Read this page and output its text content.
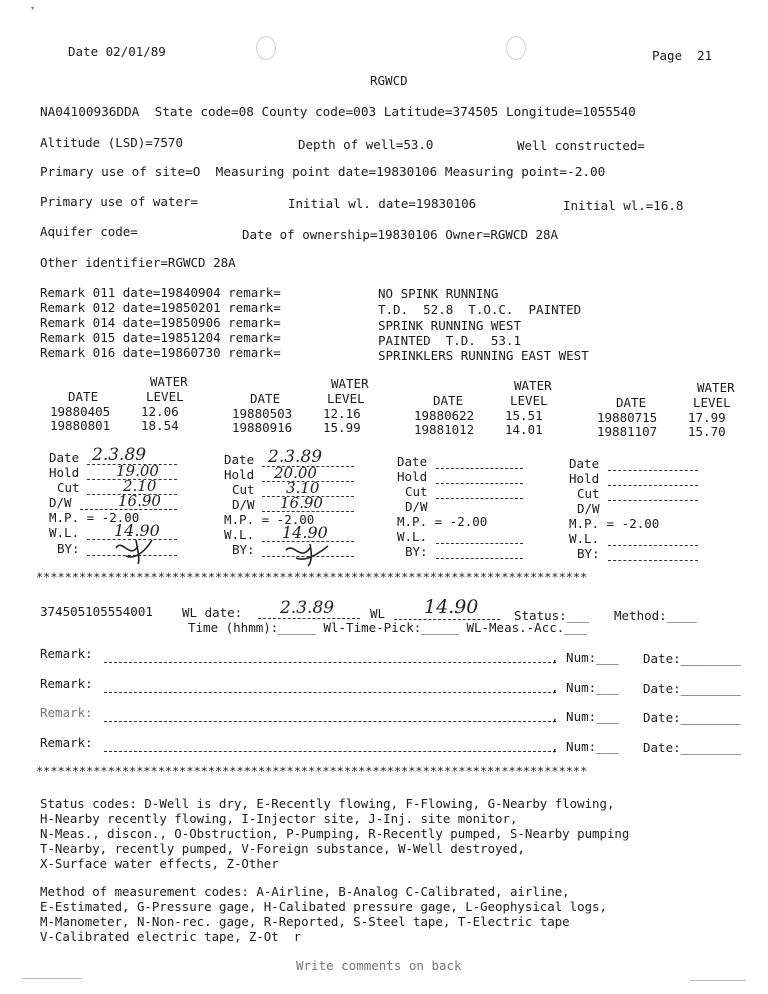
▾
Date 02/01/89	Page  21
RGWCD
NA04100936DDA  State code=08 County code=003 Latitude=374505 Longitude=1055540
Altitude (LSD)=7570	Depth of well=53.0	Well constructed=
Primary use of site=O  Measuring point date=19830106 Measuring point=-2.00
Primary use of water=	Initial wl. date=19830106	Initial wl.=16.8
Aquifer code=	Date of ownership=19830106 Owner=RGWCD 28A
Other identifier=RGWCD 28A
Remark 011 date=19840904 remark=	NO SPINK RUNNING
Remark 012 date=19850201 remark=	T.D.  52.8  T.O.C.  PAINTED
Remark 014 date=19850906 remark=	SPRINK RUNNING WEST
Remark 015 date=19851204 remark=	PAINTED  T.D.  53.1
Remark 016 date=19860730 remark=	SPRINKLERS RUNNING EAST WEST
WATER
DATE	LEVEL
19880405 12.06
19880801 18.54
WATER
DATE	LEVEL
19880503 12.16
19880916 15.99
WATER
DATE	LEVEL
19880622 15.51
19881012 14.01
WATER
DATE	LEVEL
19880715 17.99
19881107 15.70
Date 2.3.89
Hold 19.00
Cut	2.10
D/W	16.90
M.P. = -2.00
W.L. 14.90
BY:
Date 2.3.89
Hold 20.00
Cut 3.10
D/W 16.90
M.P. = -2.00
W.L. 14.90
BY:
Date
Hold
Cut
D/W
M.P. = -2.00
W.L.
BY:
Date
Hold
Cut
D/W
M.P. = -2.00
W.L.
BY:
*****************************************************************************
374505105554001 WL date: 2.3.89	WL 14.90	Status:___ Method:____
Time (hhmm):_____ Wl-Time-Pick:_____ WL-Meas.-Acc.___
Remark:	, Num:___ Date:________
Remark:	, Num:___ Date:________
Remark:	, Num:___ Date:________
Remark:	, Num:___ Date:________
*****************************************************************************
Status codes: D-Well is dry, E-Recently flowing, F-Flowing, G-Nearby flowing,
H-Nearby recently flowing, I-Injector site, J-Inj. site monitor,
N-Meas., discon., O-Obstruction, P-Pumping, R-Recently pumped, S-Nearby pumping
T-Nearby, recently pumped, V-Foreign substance, W-Well destroyed,
X-Surface water effects, Z-Other
Method of measurement codes: A-Airline, B-Analog C-Calibrated, airline,
E-Estimated, G-Pressure gage, H-Calibated pressure gage, L-Geophysical logs,
M-Manometer, N-Non-rec. gage, R-Reported, S-Steel tape, T-Electric tape
V-Calibrated electric tape, Z-Ot  r
Write comments on back
